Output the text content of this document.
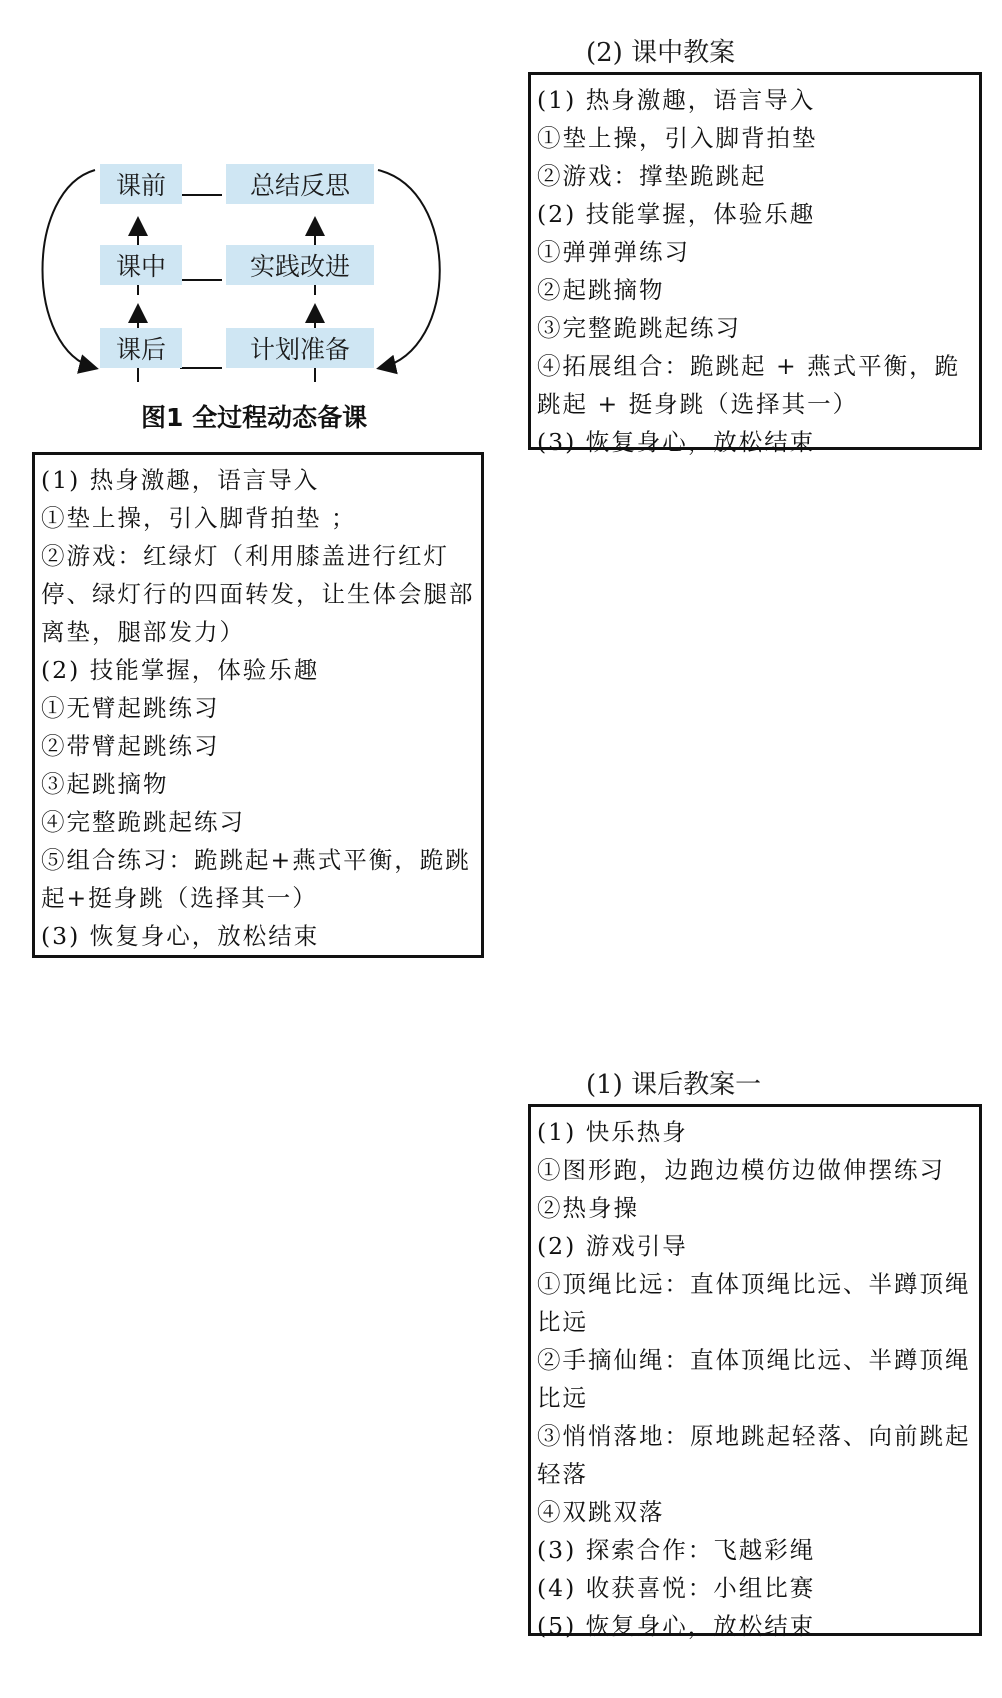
课前	总结反思
课中	实践改进
课后	计划准备
图1 全过程动态备课
(1) 热身激趣，语言导入
①垫上操，引入脚背拍垫 ；
②游戏：红绿灯（利用膝盖进行红灯停、绿灯行的四面转发，让生体会腿部离垫，腿部发力）
(2) 技能掌握，体验乐趣
①无臂起跳练习
②带臂起跳练习
③起跳摘物
④完整跪跳起练习
⑤组合练习：跪跳起+燕式平衡，跪跳起+挺身跳（选择其一）
(3) 恢复身心，放松结束
(2) 课中教案
(1) 热身激趣，语言导入
①垫上操，引入脚背拍垫
②游戏：撑垫跪跳起
(2) 技能掌握，体验乐趣
①弹弹弹练习
②起跳摘物
③完整跪跳起练习
④拓展组合：跪跳起 + 燕式平衡，跪跳起 + 挺身跳（选择其一）
(3) 恢复身心，放松结束
(1) 课后教案一
(1) 快乐热身
①图形跑，边跑边模仿边做伸摆练习
②热身操
(2) 游戏引导
①顶绳比远：直体顶绳比远、半蹲顶绳比远
②手摘仙绳：直体顶绳比远、半蹲顶绳比远
③悄悄落地：原地跳起轻落、向前跳起轻落
④双跳双落
(3) 探索合作：飞越彩绳
(4) 收获喜悦：小组比赛
(5) 恢复身心，放松结束
